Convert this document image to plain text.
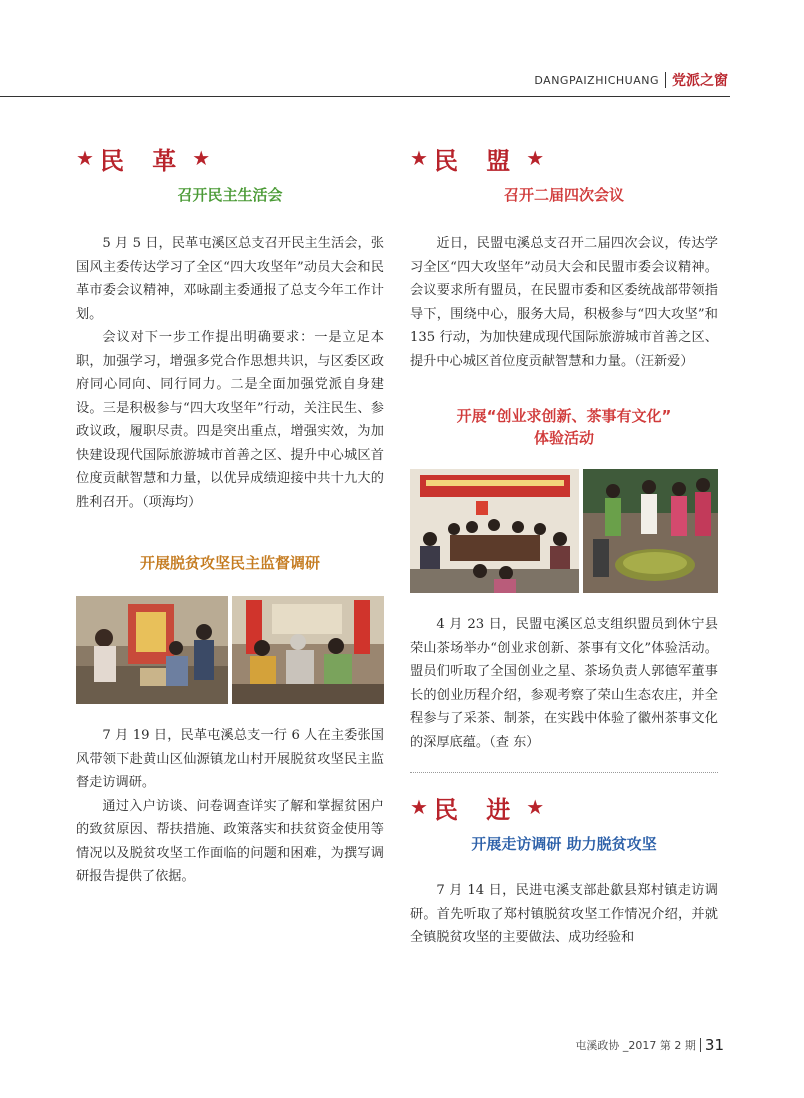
DANGPAIZHICHUANG 党派之窗
★ 民 革 ★
召开民主生活会

5 月 5 日，民革屯溪区总支召开民主生活会，张国风主委传达学习了全区“四大攻坚年”动员大会和民革市委会议精神，邓咏副主委通报了总支今年工作计划。

会议对下一步工作提出明确要求：一是立足本职，加强学习，增强多党合作思想共识，与区委区政府同心同向、同行同力。二是全面加强党派自身建设。三是积极参与“四大攻坚年”行动，关注民生、参政议政，履职尽责。四是突出重点，增强实效，为加快建设现代国际旅游城市首善之区、提升中心城区首位度贡献智慧和力量，以优异成绩迎接中共十九大的胜利召开。（项海均）

开展脱贫攻坚民主监督调研

7 月 19 日，民革屯溪总支一行 6 人在主委张国风带领下赴黄山区仙源镇龙山村开展脱贫攻坚民主监督走访调研。

通过入户访谈、问卷调查详实了解和掌握贫困户的致贫原因、帮扶措施、政策落实和扶贫资金使用等情况以及脱贫攻坚工作面临的问题和困难，为撰写调研报告提供了依据。

★ 民 盟 ★
召开二届四次会议

近日，民盟屯溪总支召开二届四次会议，传达学习全区“四大攻坚年”动员大会和民盟市委会议精神。会议要求所有盟员，在民盟市委和区委统战部带领指导下，围绕中心，服务大局，积极参与“四大攻坚”和 135 行动，为加快建成现代国际旅游城市首善之区、提升中心城区首位度贡献智慧和力量。（汪新爱）

开展“创业求创新、茶事有文化”
体验活动

4 月 23 日，民盟屯溪区总支组织盟员到休宁县荣山茶场举办“创业求创新、茶事有文化”体验活动。盟员们听取了全国创业之星、茶场负责人郭德军董事长的创业历程介绍，参观考察了荣山生态农庄，并全程参与了采茶、制茶，在实践中体验了徽州茶事文化的深厚底蕴。（查 东）

★ 民 进 ★
开展走访调研 助力脱贫攻坚

7 月 14 日，民进屯溪支部赴歙县郑村镇走访调研。首先听取了郑村镇脱贫攻坚工作情况介绍，并就全镇脱贫攻坚的主要做法、成功经验和

屯溪政协 _2017 第 2 期 31
